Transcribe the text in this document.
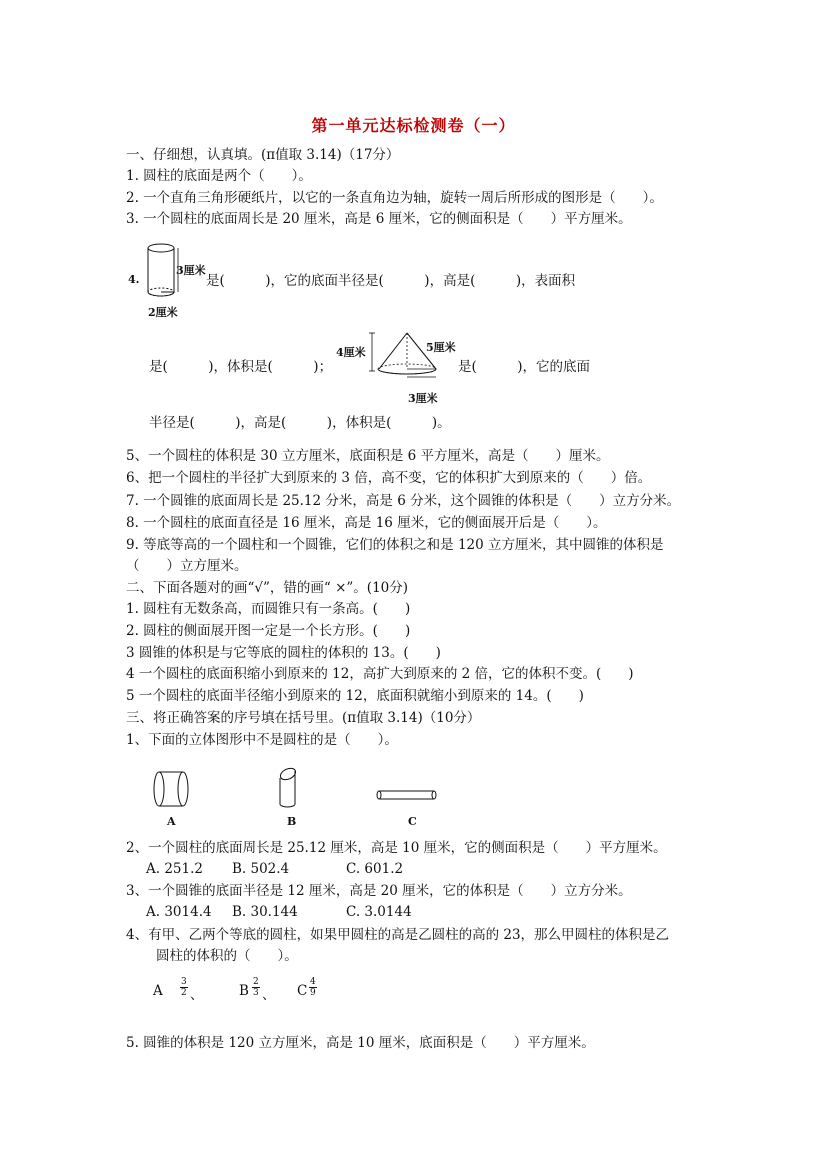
第一单元达标检测卷（一）
一、仔细想，认真填。(π值取 3.14)（17分）
1. 圆柱的底面是两个（　　）。
2. 一个直角三角形硬纸片，以它的一条直角边为轴，旋转一周后所形成的图形是（　　）。
3. 一个圆柱的底面周长是 20 厘米，高是 6 厘米，它的侧面积是（　　）平方厘米。
4.
3厘米
2厘米
是(　　　)，它的底面半径是(　　　)，高是(　　　)，表面积
是(　　　)，体积是(　　　)；
4厘米	5厘米
3厘米
是(　　　)，它的底面
半径是(　　　)，高是(　　　)，体积是(　　　)。
5、一个圆柱的体积是 30 立方厘米，底面积是 6 平方厘米，高是（　　）厘米。
6、把一个圆柱的半径扩大到原来的 3 倍，高不变，它的体积扩大到原来的（　　）倍。
7. 一个圆锥的底面周长是 25.12 分米，高是 6 分米，这个圆锥的体积是（　　）立方分米。
8. 一个圆柱的底面直径是 16 厘米，高是 16 厘米，它的侧面展开后是（　　）。
9. 等底等高的一个圆柱和一个圆锥，它们的体积之和是 120 立方厘米，其中圆锥的体积是
（　　）立方厘米。
二、下面各题对的画“√”，错的画“ ×”。(10分)
1. 圆柱有无数条高，而圆锥只有一条高。(　　)
2. 圆柱的侧面展开图一定是一个长方形。(　　)
3 圆锥的体积是与它等底的圆柱的体积的 13。(　　)
4 一个圆柱的底面积缩小到原来的 12，高扩大到原来的 2 倍，它的体积不变。(　　)
5 一个圆柱的底面半径缩小到原来的 12，底面积就缩小到原来的 14。(　　)
三、将正确答案的序号填在括号里。(π值取 3.14)（10分）
1、下面的立体图形中不是圆柱的是（　　）。
A	B	C
2、一个圆柱的底面周长是 25.12 厘米，高是 10 厘米，它的侧面积是（　　）平方厘米。
A. 251.2 B. 502.4	C. 601.2
3、一个圆锥的底面半径是 12 厘米，高是 20 厘米，它的体积是（　　）立方分米。
A. 3014.4 B. 30.144	C. 3.0144
4、有甲、乙两个等底的圆柱，如果甲圆柱的高是乙圆柱的高的 23，那么甲圆柱的体积是乙
圆柱的体积的（　　）。
A $\frac{3}{2}$ 、	B $\frac{2}{3}$ 、 C $\frac{4}{9}$
5. 圆锥的体积是 120 立方厘米，高是 10 厘米，底面积是（　　）平方厘米。
